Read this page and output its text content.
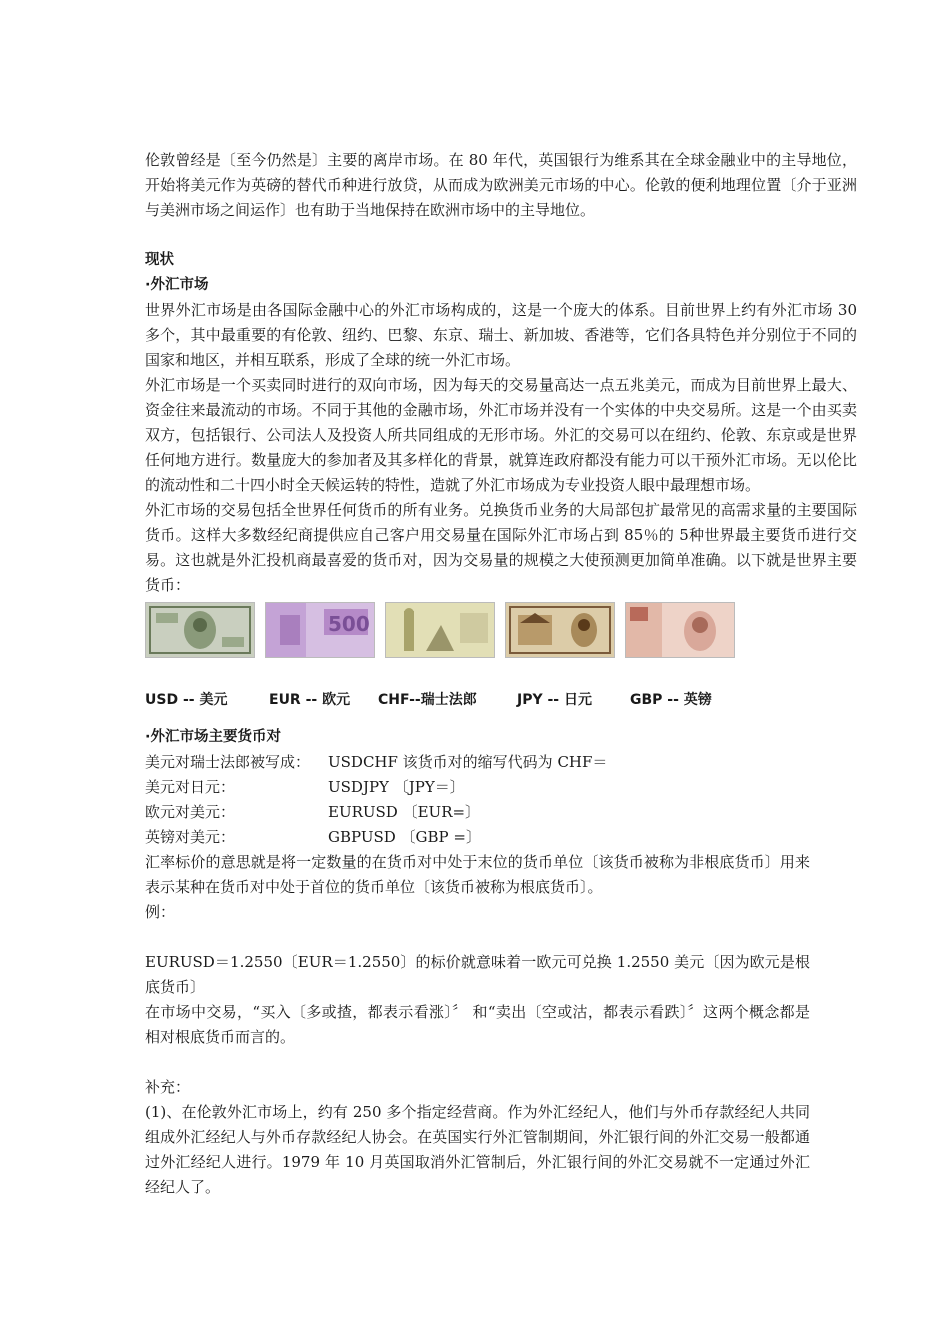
伦敦曾经是〔至今仍然是〕主要的离岸市场。在 80 年代，英国银行为维系其在全球金融业中的主导地位，开始将美元作为英磅的替代币种进行放贷，从而成为欧洲美元市场的中心。伦敦的便利地理位置〔介于亚洲与美洲市场之间运作〕也有助于当地保持在欧洲市场中的主导地位。

现状

·外汇市场

世界外汇市场是由各国际金融中心的外汇市场构成的，这是一个庞大的体系。目前世界上约有外汇市场 30 多个，其中最重要的有伦敦、纽约、巴黎、东京、瑞士、新加坡、香港等，它们各具特色并分别位于不同的国家和地区，并相互联系，形成了全球的统一外汇市场。

外汇市场是一个买卖同时进行的双向市场，因为每天的交易量高达一点五兆美元，而成为目前世界上最大、资金往来最流动的市场。不同于其他的金融市场，外汇市场并没有一个实体的中央交易所。这是一个由买卖双方，包括银行、公司法人及投资人所共同组成的无形市场。外汇的交易可以在纽约、伦敦、东京或是世界任何地方进行。数量庞大的参加者及其多样化的背景，就算连政府都没有能力可以干预外汇市场。无以伦比的流动性和二十四小时全天候运转的特性，造就了外汇市场成为专业投资人眼中最理想市场。

外汇市场的交易包括全世界任何货币的所有业务。兑换货币业务的大局部包扩最常见的高需求量的主要国际货币。这样大多数经纪商提供应自己客户用交易量在国际外汇市场占到 85％的 5种世界最主要货币进行交易。这也就是外汇投机商最喜爱的货币对，因为交易量的规模之大使预测更加简单准确。以下就是世界主要货币：

500
USD -- 美元	EUR -- 欧元	CHF--瑞士法郎	JPY -- 日元	GBP -- 英镑

·外汇市场主要货币对

美元对瑞士法郎被写成：	USDCHF 该货币对的缩写代码为 CHF＝
美元对日元：	USDJPY 〔JPY＝〕
欧元对美元：	EURUSD 〔EUR=〕
英镑对美元：	GBPUSD 〔GBP =〕

汇率标价的意思就是将一定数量的在货币对中处于末位的货币单位〔该货币被称为非根底货币〕用来表示某种在货币对中处于首位的货币单位〔该货币被称为根底货币〕。

例：

EURUSD＝1.2550〔EUR＝1.2550〕的标价就意味着一欧元可兑换 1.2550 美元〔因为欧元是根底货币〕

在市场中交易，“买入〔多或揸，都表示看涨〕〞 和“卖出〔空或沽，都表示看跌〕〞这两个概念都是相对根底货币而言的。

补充：

(1)、在伦敦外汇市场上，约有 250 多个指定经营商。作为外汇经纪人，他们与外币存款经纪人共同组成外汇经纪人与外币存款经纪人协会。在英国实行外汇管制期间，外汇银行间的外汇交易一般都通过外汇经纪人进行。1979 年 10 月英国取消外汇管制后，外汇银行间的外汇交易就不一定通过外汇经纪人了。
